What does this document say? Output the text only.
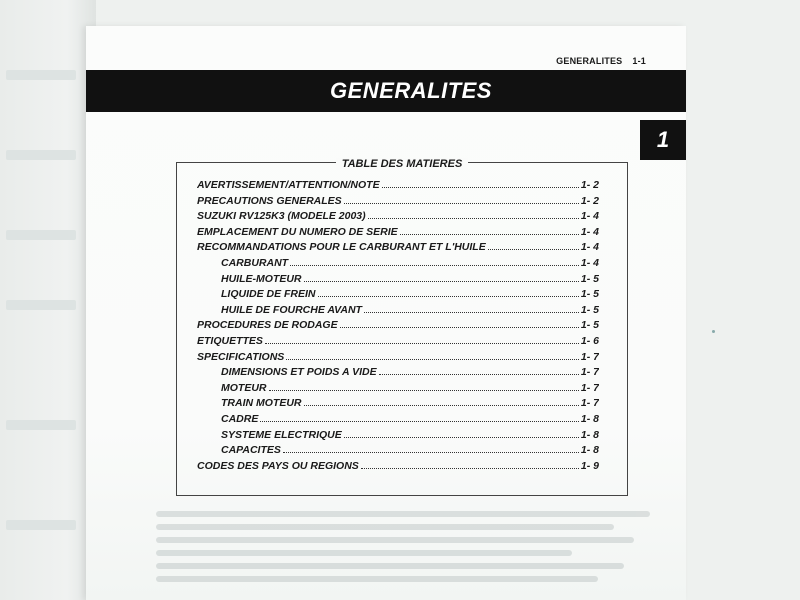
GENERALITES 1-1
GENERALITES
1
TABLE DES MATIERES
AVERTISSEMENT/ATTENTION/NOTE	1- 2
PRECAUTIONS GENERALES	1- 2
SUZUKI RV125K3 (MODELE 2003)	1- 4
EMPLACEMENT DU NUMERO DE SERIE	1- 4
RECOMMANDATIONS POUR LE CARBURANT ET L'HUILE	1- 4
CARBURANT	1- 4
HUILE-MOTEUR	1- 5
LIQUIDE DE FREIN	1- 5
HUILE DE FOURCHE AVANT	1- 5
PROCEDURES DE RODAGE	1- 5
ETIQUETTES	1- 6
SPECIFICATIONS	1- 7
DIMENSIONS ET POIDS A VIDE	1- 7
MOTEUR	1- 7
TRAIN MOTEUR	1- 7
CADRE	1- 8
SYSTEME ELECTRIQUE	1- 8
CAPACITES	1- 8
CODES DES PAYS OU REGIONS	1- 9
